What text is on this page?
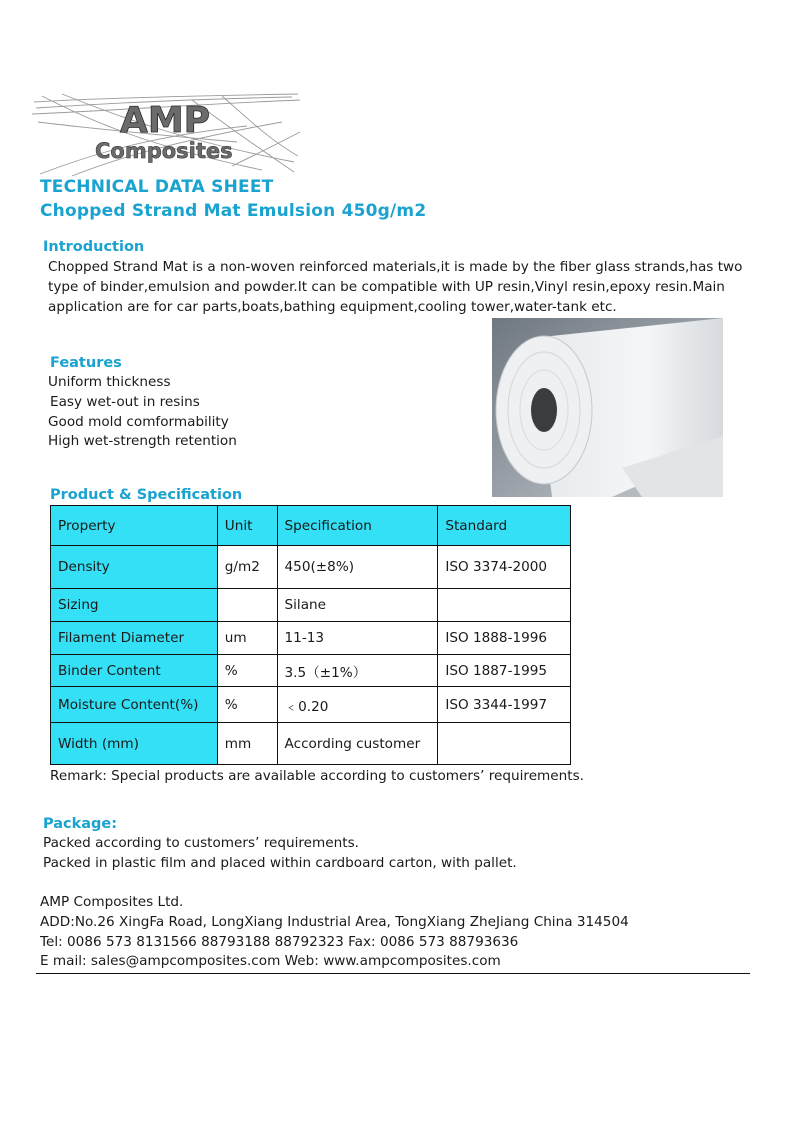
AMP
Composites
TECHNICAL DATA SHEET
Chopped Strand Mat Emulsion 450g/m2
Introduction
Chopped Strand Mat is a non-woven reinforced materials,it is made by the fiber glass strands,has two
type of binder,emulsion and powder.It can be compatible with UP resin,Vinyl resin,epoxy resin.Main
application are for car parts,boats,bathing equipment,cooling tower,water-tank etc.
Features
Uniform thickness
Easy wet-out in resins
Good mold comformability
High wet-strength retention
Product & Specification
Property	Unit	Specification	Standard
Density	g/m2	450(±8%)	ISO 3374-2000
Sizing		Silane	
Filament Diameter	um	11-13	ISO 1888-1996
Binder Content	%	3.5（±1%）	ISO 1887-1995
Moisture Content(%)	%	﹤0.20	ISO 3344-1997
Width (mm)	mm	According customer	
Remark: Special products are available according to customers’ requirements.
Package:
Packed according to customers’ requirements.
Packed in plastic film and placed within cardboard carton, with pallet.
AMP Composites Ltd.
ADD:No.26 XingFa Road, LongXiang Industrial Area, TongXiang ZheJiang China 314504
Tel: 0086 573 8131566 88793188 88792323 Fax: 0086 573 88793636
E mail: sales@ampcomposites.com Web: www.ampcomposites.com
